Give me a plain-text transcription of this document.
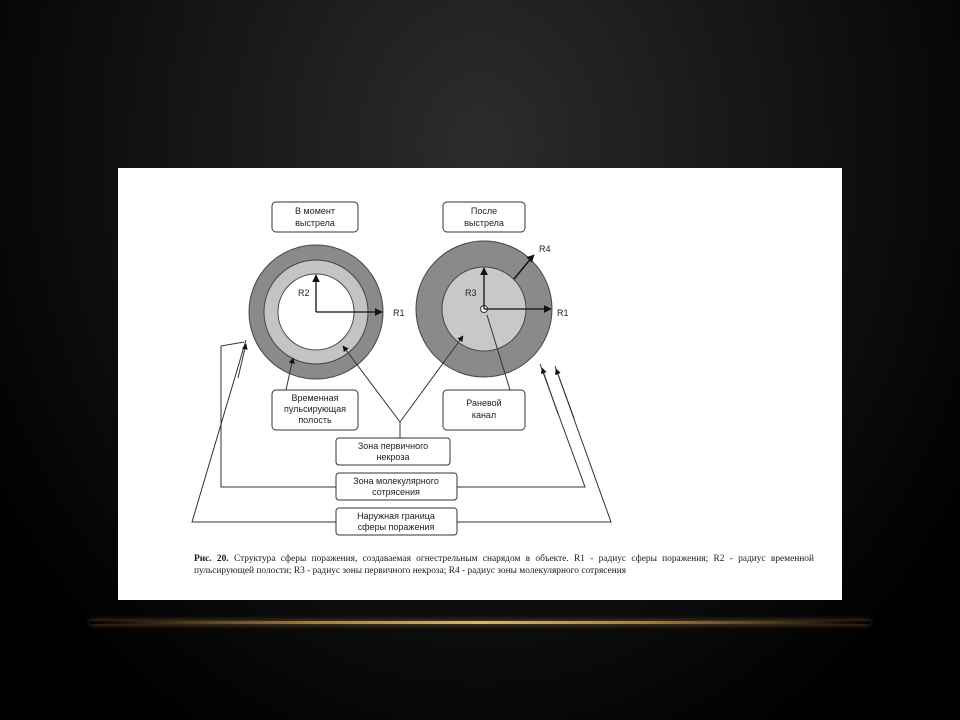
В момент
выстрела
После
выстрела
R2
R1
R3
R1
R4
Временная
пульсирующая
полость
Раневой
канал
Зона первичного
некроза
Зона молекулярного
сотрясения
Наружная граница
сферы поражения
Рис. 20. Структура сферы поражения, создаваемая огнестрельным снарядом в объекте. R1 - радиус сферы поражения; R2 - радиус временной пульсирующей полости; R3 - радиус зоны первичного некроза; R4 - радиус зоны молекулярного сотрясения
